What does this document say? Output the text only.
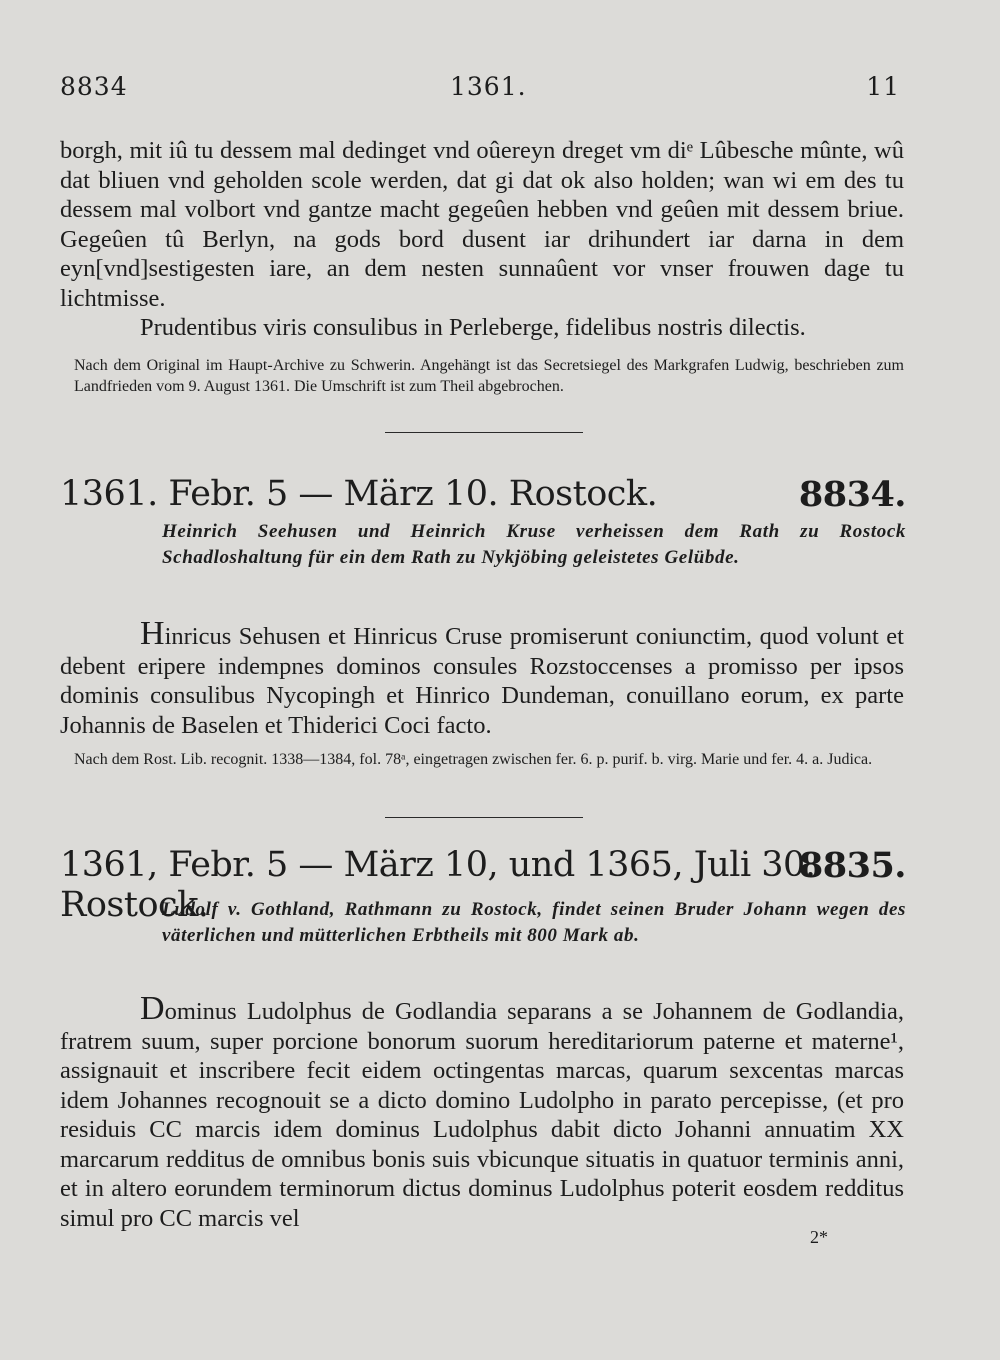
8834	1361.	11

borgh, mit iû tu dessem mal dedinget vnd oûereyn dreget vm diᵉ Lûbesche mûnte, wû dat bliuen vnd geholden scole werden, dat gi dat ok also holden; wan wi em des tu dessem mal volbort vnd gantze macht gegeûen hebben vnd geûen mit dessem briue. Gegeûen tû Berlyn, na gods bord dusent iar drihundert iar darna in dem eyn[vnd]sestigesten iare, an dem nesten sunnaûent vor vnser frouwen dage tu lichtmisse.

Prudentibus viris consulibus in Perleberge, fidelibus nostris dilectis.

Nach dem Original im Haupt-Archive zu Schwerin. Angehängt ist das Secretsiegel des Markgrafen Ludwig, beschrieben zum Landfrieden vom 9. August 1361. Die Umschrift ist zum Theil abgebrochen.

1361. Febr. 5 — März 10. Rostock.	8834.

Heinrich Seehusen und Heinrich Kruse verheissen dem Rath zu Rostock Schadloshaltung für ein dem Rath zu Nykjöbing geleistetes Gelübde.

Hinricus Sehusen et Hinricus Cruse promiserunt coniunctim, quod volunt et debent eripere indempnes dominos consules Rozstoccenses a promisso per ipsos dominis consulibus Nycopingh et Hinrico Dundeman, conuillano eorum, ex parte Johannis de Baselen et Thiderici Coci facto.

Nach dem Rost. Lib. recognit. 1338—1384, fol. 78ᵃ, eingetragen zwischen fer. 6. p. purif. b. virg. Marie und fer. 4. a. Judica.

1361, Febr. 5 — März 10, und 1365, Juli 30. Rostock.
8835.

Ludolf v. Gothland, Rathmann zu Rostock, findet seinen Bruder Johann wegen des väterlichen und mütterlichen Erbtheils mit 800 Mark ab.

Dominus Ludolphus de Godlandia separans a se Johannem de Godlandia, fratrem suum, super porcione bonorum suorum hereditariorum paterne et materne¹, assignauit et inscribere fecit eidem octingentas marcas, quarum sexcentas marcas idem Johannes recognouit se a dicto domino Ludolpho in parato percepisse, (et pro residuis CC marcis idem dominus Ludolphus dabit dicto Johanni annuatim XX marcarum redditus de omnibus bonis suis vbicunque situatis in quatuor terminis anni, et in altero eorundem terminorum dictus dominus Ludolphus poterit eosdem redditus simul pro CC marcis vel

2*
